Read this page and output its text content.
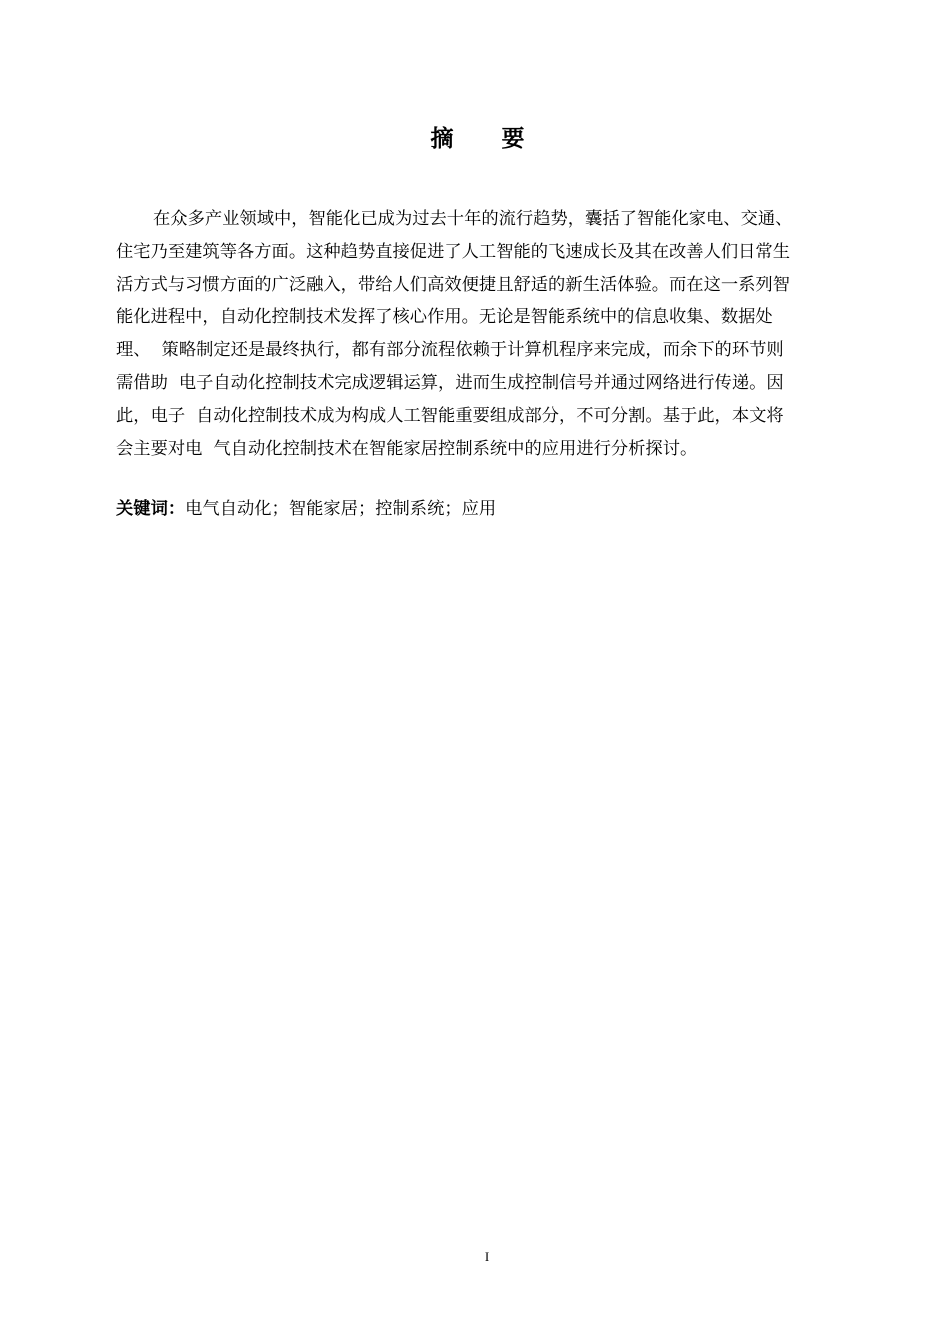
摘 要
在众多产业领域中，智能化已成为过去十年的流行趋势，囊括了智能化家电、交通、
住宅乃至建筑等各方面。这种趋势直接促进了人工智能的飞速成长及其在改善人们日常生
活方式与习惯方面的广泛融入，带给人们高效便捷且舒适的新生活体验。而在这一系列智
能化进程中，自动化控制技术发挥了核心作用。无论是智能系统中的信息收集、数据处
理、  策略制定还是最终执行，都有部分流程依赖于计算机程序来完成，而余下的环节则
需借助  电子自动化控制技术完成逻辑运算，进而生成控制信号并通过网络进行传递。因
此，电子  自动化控制技术成为构成人工智能重要组成部分，不可分割。基于此，本文将
会主要对电  气自动化控制技术在智能家居控制系统中的应用进行分析探讨。
关键词：电气自动化；智能家居；控制系统；应用
I
